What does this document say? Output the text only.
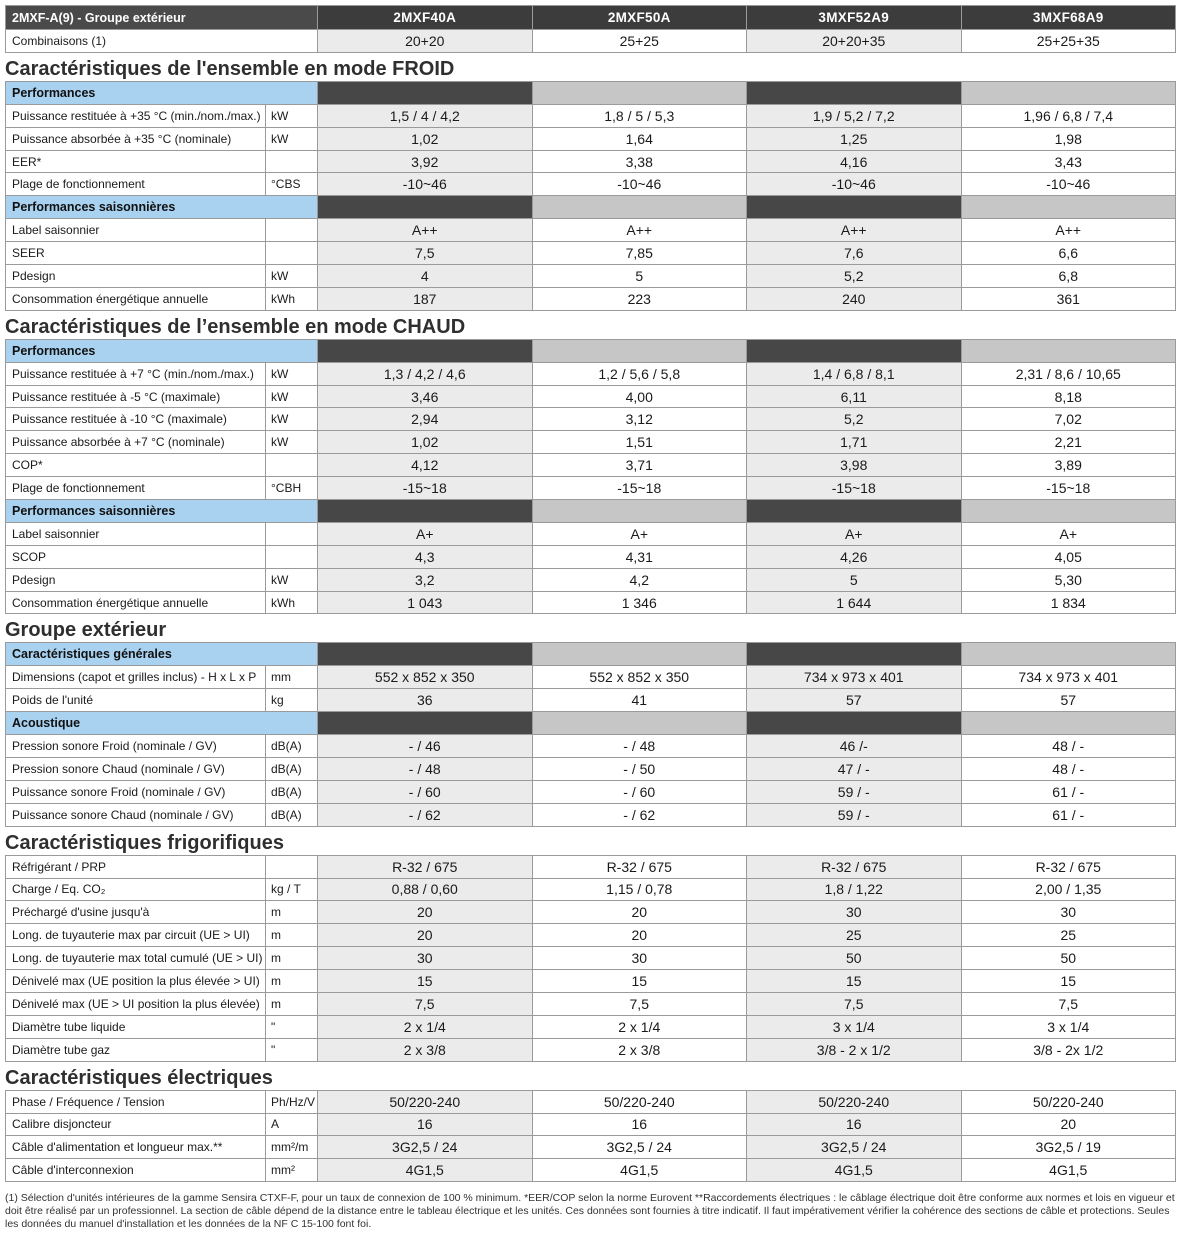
2MXF-A(9) - Groupe extérieur	2MXF40A	2MXF50A	3MXF52A9	3MXF68A9
Combinaisons (1)	20+20	25+25	20+20+35	25+25+35
Caractéristiques de l'ensemble en mode FROID
Performances					
Puissance restituée à +35 °C (min./nom./max.)	kW	1,5 / 4 / 4,2	1,8 / 5 / 5,3	1,9 / 5,2 / 7,2	1,96 / 6,8 / 7,4
Puissance absorbée à +35 °C (nominale)	kW	1,02	1,64	1,25	1,98
EER*		3,92	3,38	4,16	3,43
Plage de fonctionnement	°CBS	-10~46	-10~46	-10~46	-10~46
Performances saisonnières					
Label saisonnier		A++	A++	A++	A++
SEER		7,5	7,85	7,6	6,6
Pdesign	kW	4	5	5,2	6,8
Consommation énergétique annuelle	kWh	187	223	240	361
Caractéristiques de l’ensemble en mode CHAUD
Performances					
Puissance restituée à +7 °C (min./nom./max.)	kW	1,3 / 4,2 / 4,6	1,2 / 5,6 / 5,8	1,4 / 6,8 / 8,1	2,31 / 8,6 / 10,65
Puissance restituée à -5 °C (maximale)	kW	3,46	4,00	6,11	8,18
Puissance restituée à -10 °C (maximale)	kW	2,94	3,12	5,2	7,02
Puissance absorbée à +7 °C (nominale)	kW	1,02	1,51	1,71	2,21
COP*		4,12	3,71	3,98	3,89
Plage de fonctionnement	°CBH	-15~18	-15~18	-15~18	-15~18
Performances saisonnières					
Label saisonnier		A+	A+	A+	A+
SCOP		4,3	4,31	4,26	4,05
Pdesign	kW	3,2	4,2	5	5,30
Consommation énergétique annuelle	kWh	1 043	1 346	1 644	1 834
Groupe extérieur
Caractéristiques générales					
Dimensions (capot et grilles inclus) - H x L x P	mm	552 x 852 x 350	552 x 852 x 350	734 x 973 x 401	734 x 973 x 401
Poids de l'unité	kg	36	41	57	57
Acoustique					
Pression sonore Froid (nominale / GV)	dB(A)	- / 46	- / 48	46 /-	48 / -
Pression sonore Chaud (nominale / GV)	dB(A)	- / 48	- / 50	47 / -	48 / -
Puissance sonore Froid (nominale / GV)	dB(A)	- / 60	- / 60	59 / -	61 / -
Puissance sonore Chaud (nominale / GV)	dB(A)	- / 62	- / 62	59 / -	61 / -
Caractéristiques frigorifiques
Réfrigérant / PRP		R-32 / 675	R-32 / 675	R-32 / 675	R-32 / 675
Charge / Eq. CO₂	kg / T	0,88 / 0,60	1,15 / 0,78	1,8 / 1,22	2,00 / 1,35
Préchargé d'usine jusqu'à	m	20	20	30	30
Long. de tuyauterie max par circuit (UE > UI)	m	20	20	25	25
Long. de tuyauterie max total cumulé (UE > UI)	m	30	30	50	50
Dénivelé max (UE position la plus élevée > UI)	m	15	15	15	15
Dénivelé max (UE > UI position la plus élevée)	m	7,5	7,5	7,5	7,5
Diamètre tube liquide	"	2 x 1/4	2 x 1/4	3 x 1/4	3 x 1/4
Diamètre tube gaz	"	2 x 3/8	2 x 3/8	3/8 - 2 x 1/2	3/8 - 2x 1/2
Caractéristiques électriques
Phase / Fréquence / Tension	Ph/Hz/V	50/220-240	50/220-240	50/220-240	50/220-240
Calibre disjoncteur	A	16	16	16	20
Câble d'alimentation et longueur max.**	mm²/m	3G2,5 / 24	3G2,5 / 24	3G2,5 / 24	3G2,5 / 19
Câble d'interconnexion	mm²	4G1,5	4G1,5	4G1,5	4G1,5

(1) Sélection d'unités intérieures de la gamme Sensira CTXF-F, pour un taux de connexion de 100 % minimum. *EER/COP selon la norme Eurovent **Raccordements électriques : le câblage électrique doit être conforme aux normes et lois en vigueur et doit être réalisé par un professionnel. La section de câble dépend de la distance entre le tableau électrique et les unités. Ces données sont fournies à titre indicatif. Il faut impérativement vérifier la cohérence des sections de câble et protections. Seules les données du manuel d'installation et les données de la NF C 15-100 font foi.
